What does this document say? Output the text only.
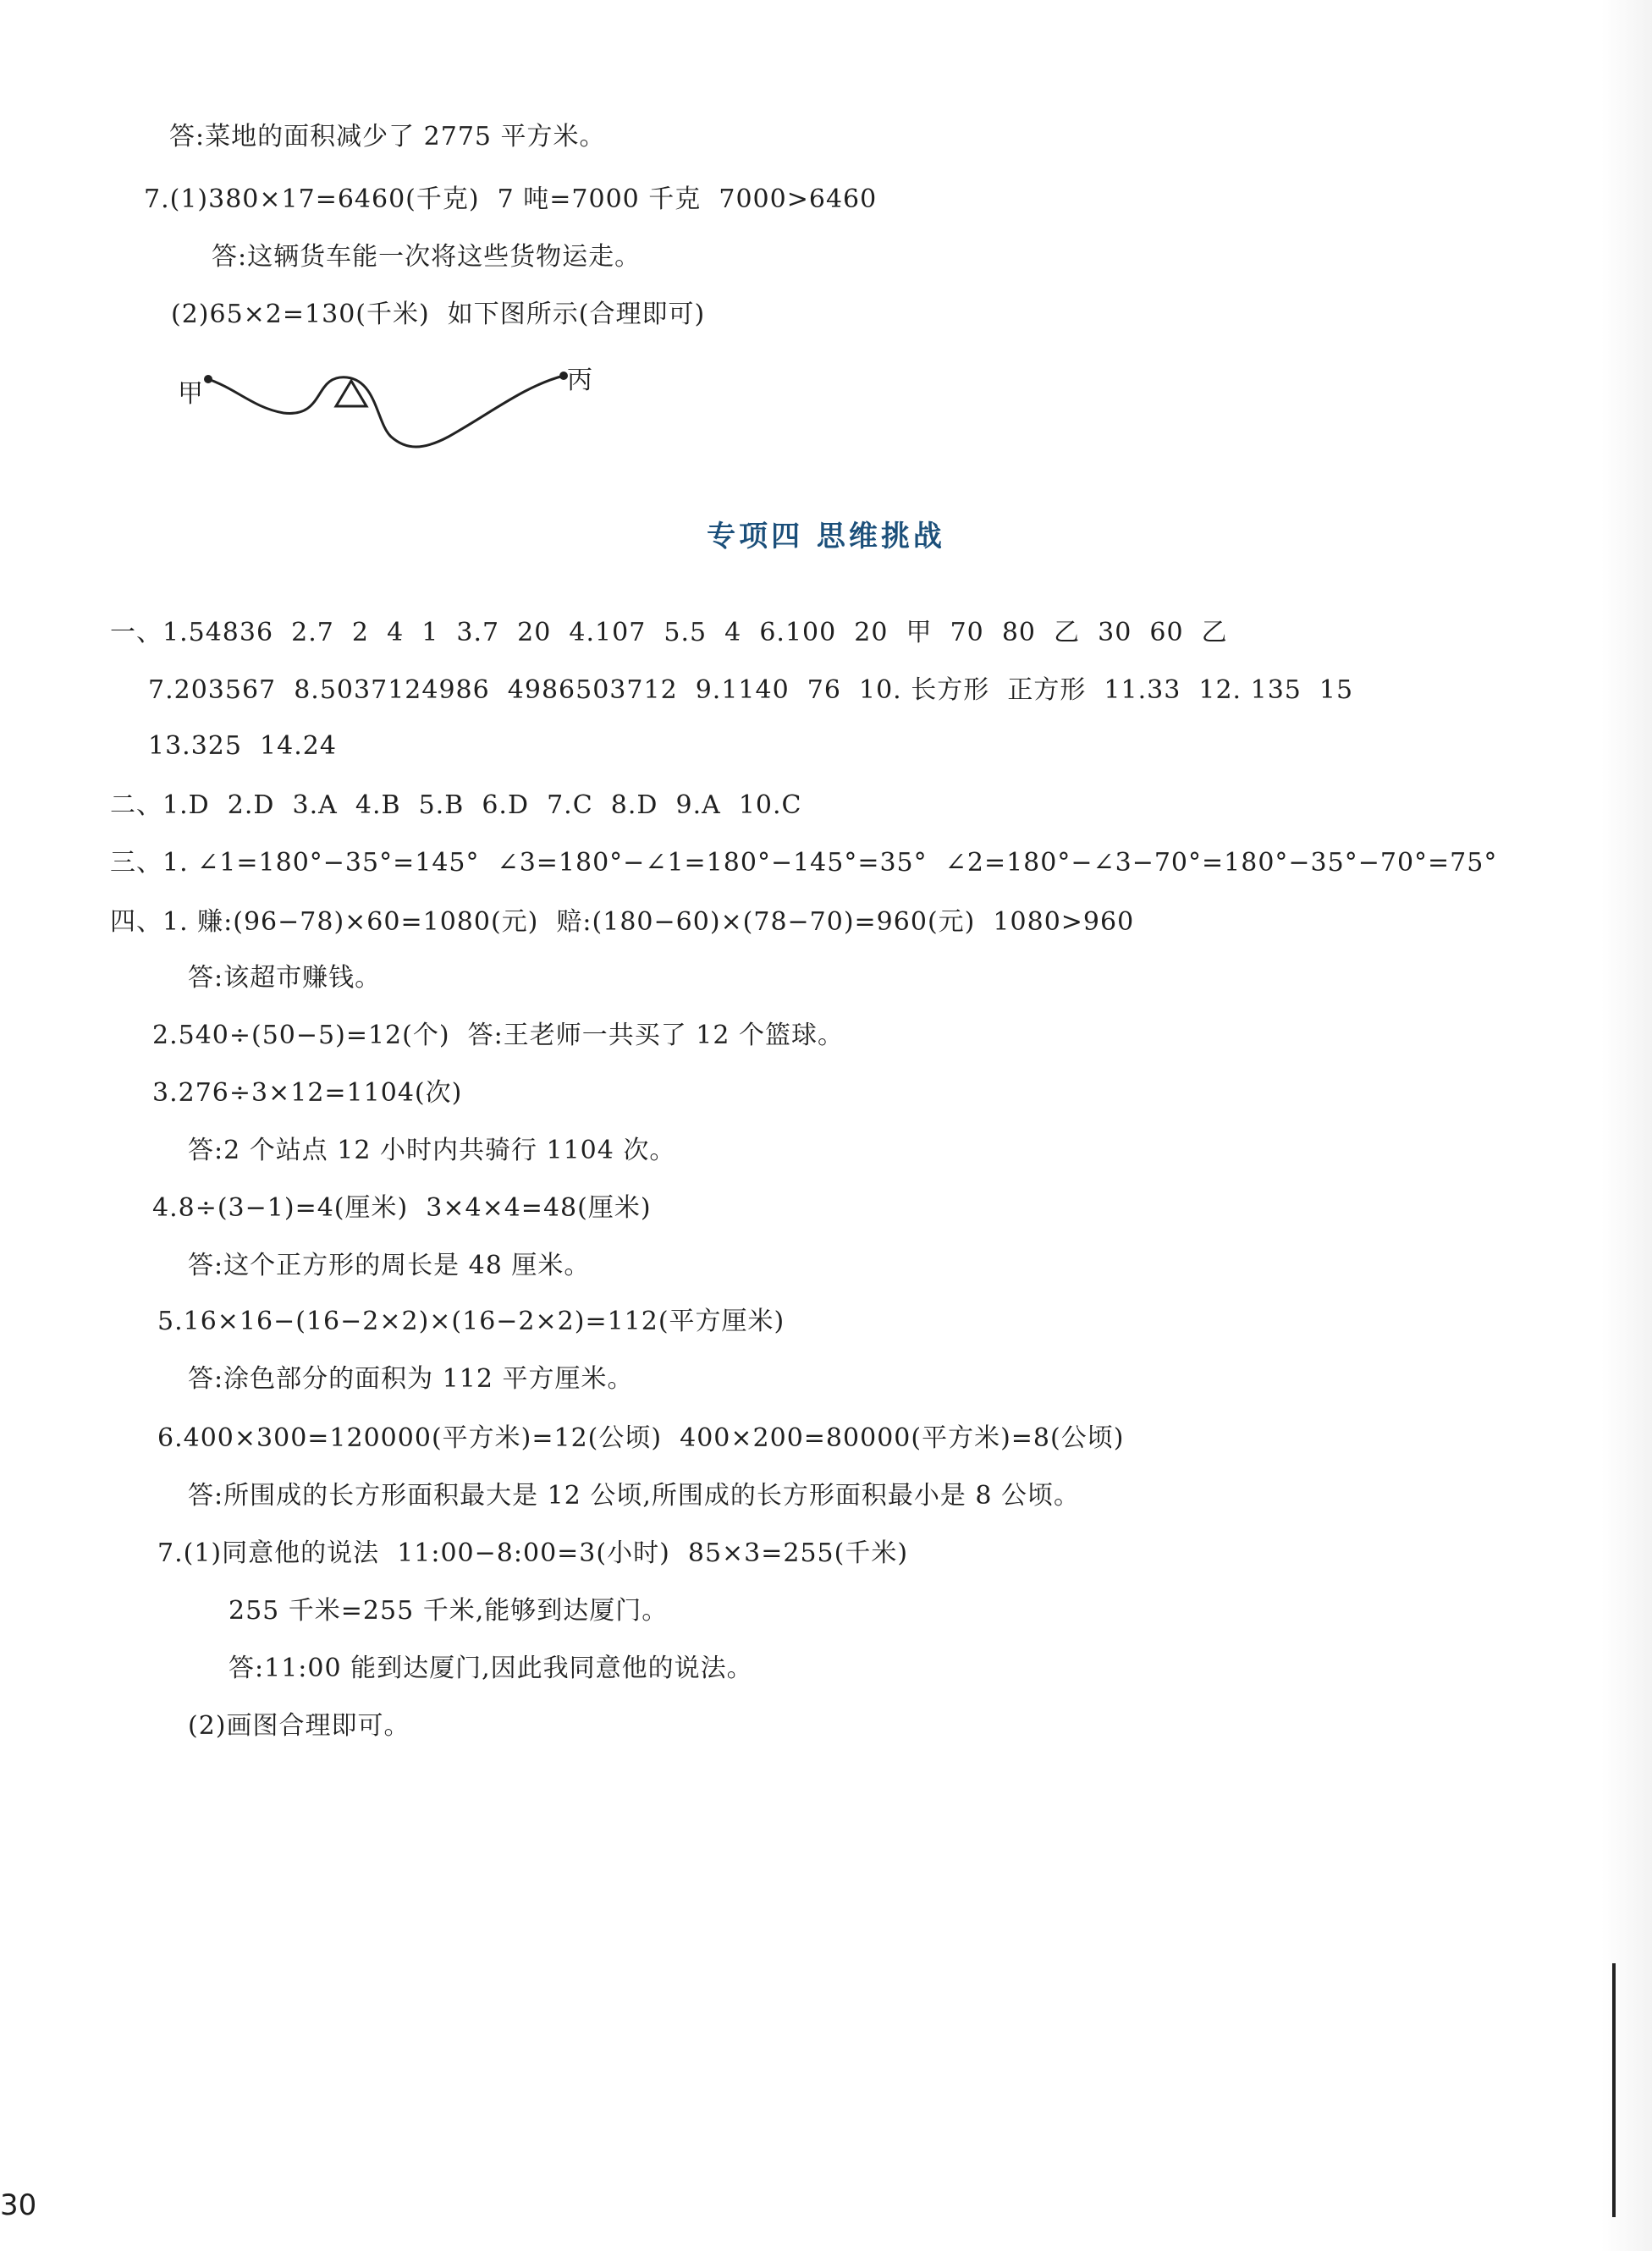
答:菜地的面积减少了 2775 平方米。
7.(1)380×17=6460(千克)  7 吨=7000 千克  7000>6460
答:这辆货车能一次将这些货物运走。
(2)65×2=130(千米)  如下图所示(合理即可)
甲	丙
专项四 思维挑战
一、1.54836  2.7  2  4  1  3.7  20  4.107  5.5  4  6.100  20  甲  70  80  乙  30  60  乙
7.203567  8.5037124986  4986503712  9.1140  76  10. 长方形  正方形  11.33  12. 135  15
13.325  14.24
二、1.D  2.D  3.A  4.B  5.B  6.D  7.C  8.D  9.A  10.C
三、1. ∠1=180°−35°=145°  ∠3=180°−∠1=180°−145°=35°  ∠2=180°−∠3−70°=180°−35°−70°=75°
四、1. 赚:(96−78)×60=1080(元)  赔:(180−60)×(78−70)=960(元)  1080>960
答:该超市赚钱。
2.540÷(50−5)=12(个)  答:王老师一共买了 12 个篮球。
3.276÷3×12=1104(次)
答:2 个站点 12 小时内共骑行 1104 次。
4.8÷(3−1)=4(厘米)  3×4×4=48(厘米)
答:这个正方形的周长是 48 厘米。
5.16×16−(16−2×2)×(16−2×2)=112(平方厘米)
答:涂色部分的面积为 112 平方厘米。
6.400×300=120000(平方米)=12(公顷)  400×200=80000(平方米)=8(公顷)
答:所围成的长方形面积最大是 12 公顷,所围成的长方形面积最小是 8 公顷。
7.(1)同意他的说法  11:00−8:00=3(小时)  85×3=255(千米)
255 千米=255 千米,能够到达厦门。
答:11:00 能到达厦门,因此我同意他的说法。
(2)画图合理即可。
30
